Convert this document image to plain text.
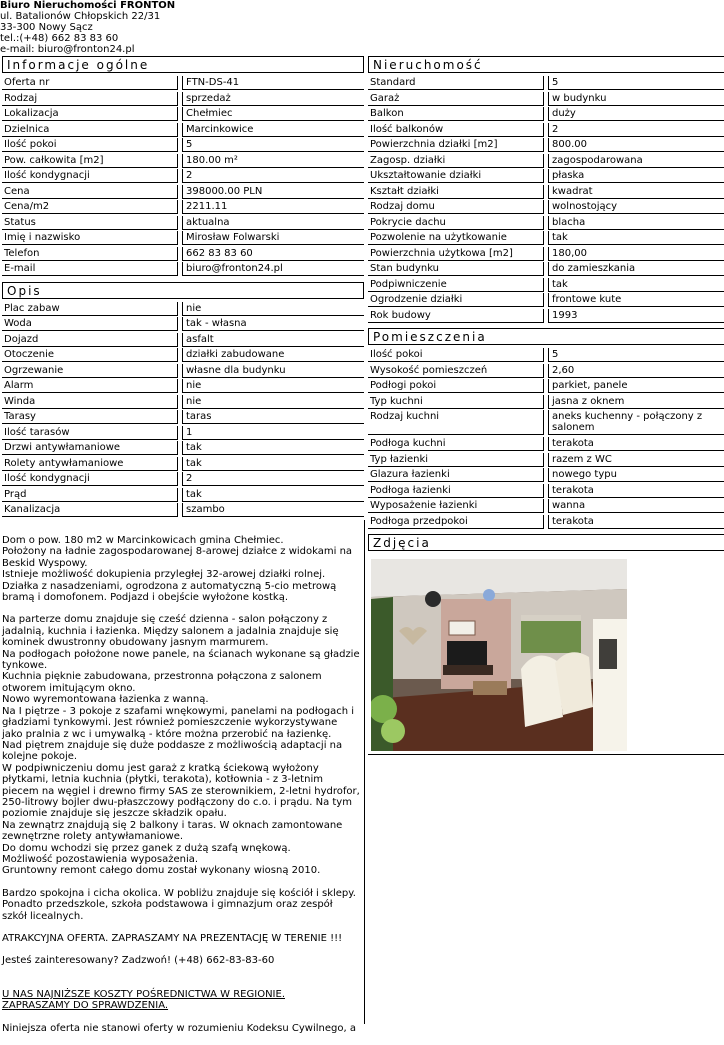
Biuro Nieruchomości FRONTON
ul. Batalionów Chłopskich 22/31
33-300 Nowy Sącz
tel.:(+48) 662 83 83 60
e-mail: biuro@fronton24.pl
Informacje ogólne
Oferta nr	FTN-DS-41
Rodzaj	sprzedaż
Lokalizacja	Chełmiec
Dzielnica	Marcinkowice
Ilość pokoi	5
Pow. całkowita [m2]	180.00 m²
Ilość kondygnacji	2
Cena	398000.00 PLN
Cena/m2	2211.11
Status	aktualna
Imię i nazwisko	Mirosław Folwarski
Telefon	662 83 83 60
E-mail	biuro@fronton24.pl
Opis
Plac zabaw	nie
Woda	tak - własna
Dojazd	asfalt
Otoczenie	działki zabudowane
Ogrzewanie	własne dla budynku
Alarm	nie
Winda	nie
Tarasy	taras
Ilość tarasów	1
Drzwi antywłamaniowe	tak
Rolety antywłamaniowe	tak
Ilość kondygnacji	2
Prąd	tak
Kanalizacja	szambo
Nieruchomość
Standard	5
Garaż	w budynku
Balkon	duży
Ilość balkonów	2
Powierzchnia działki [m2]	800.00
Zagosp. działki	zagospodarowana
Ukształtowanie działki	płaska
Kształt działki	kwadrat
Rodzaj domu	wolnostojący
Pokrycie dachu	blacha
Pozwolenie na użytkowanie	tak
Powierzchnia użytkowa [m2]	180,00
Stan budynku	do zamieszkania
Podpiwniczenie	tak
Ogrodzenie działki	frontowe kute
Rok budowy	1993
Pomieszczenia
Ilość pokoi	5
Wysokość pomieszczeń	2,60
Podłogi pokoi	parkiet, panele
Typ kuchni	jasna z oknem
Rodzaj kuchni	aneks kuchenny - połączony z salonem
Podłoga kuchni	terakota
Typ łazienki	razem z WC
Glazura łazienki	nowego typu
Podłoga łazienki	terakota
Wyposażenie łazienki	wanna
Podłoga przedpokoi	terakota
Zdjęcia

Dom o pow. 180 m2 w Marcinkowicach gmina Chełmiec.
Położony na ładnie zagospodarowanej 8-arowej działce z widokami na Beskid Wyspowy.
Istnieje możliwość dokupienia przyległej 32-arowej działki rolnej.
Działka z nasadzeniami, ogrodzona z automatyczną 5-cio metrową bramą i domofonem. Podjazd i obejście wyłożone kostką.

Na parterze domu znajduje się cześć dzienna - salon połączony z jadalnią, kuchnia i łazienka. Między salonem a jadalnia znajduje się kominek dwustronny obudowany jasnym marmurem.
Na podłogach położone nowe panele, na ścianach wykonane są gładzie tynkowe.
Kuchnia pięknie zabudowana, przestronna połączona z salonem otworem imitującym okno.
Nowo wyremontowana łazienka z wanną.
Na I piętrze - 3 pokoje z szafami wnękowymi, panelami na podłogach i gładziami tynkowymi. Jest również pomieszczenie wykorzystywane jako pralnia z wc i umywalką - które można przerobić na łazienkę.
Nad piętrem znajduje się duże poddasze z możliwością adaptacji na kolejne pokoje.
W podpiwniczeniu domu jest garaż z kratką ściekową wyłożony płytkami, letnia kuchnia (płytki, terakota), kotłownia - z 3-letnim piecem na węgiel i drewno firmy SAS ze sterownikiem, 2-letni hydrofor, 250-litrowy bojler dwu-płaszczowy podłączony do c.o. i prądu. Na tym poziomie znajduje się jeszcze składzik opału.
Na zewnątrz znajdują się 2 balkony i taras. W oknach zamontowane zewnętrzne rolety antywłamaniowe.
Do domu wchodzi się przez ganek z dużą szafą wnękową.
Możliwość pozostawienia wyposażenia.
Gruntowny remont całego domu został wykonany wiosną 2010.

Bardzo spokojna i cicha okolica. W pobliżu znajduje się kościół i sklepy. Ponadto przedszkole, szkoła podstawowa i gimnazjum oraz zespół szkół licealnych.

ATRAKCYJNA OFERTA. ZAPRASZAMY NA PREZENTACJĘ W TERENIE !!!

Jesteś zainteresowany? Zadzwoń! (+48) 662-83-83-60

U NAS NAJNIŻSZE KOSZTY POŚREDNICTWA W REGIONIE.
ZAPRASZAMY DO SPRAWDZENIA.

Niniejsza oferta nie stanowi oferty w rozumieniu Kodeksu Cywilnego, a
